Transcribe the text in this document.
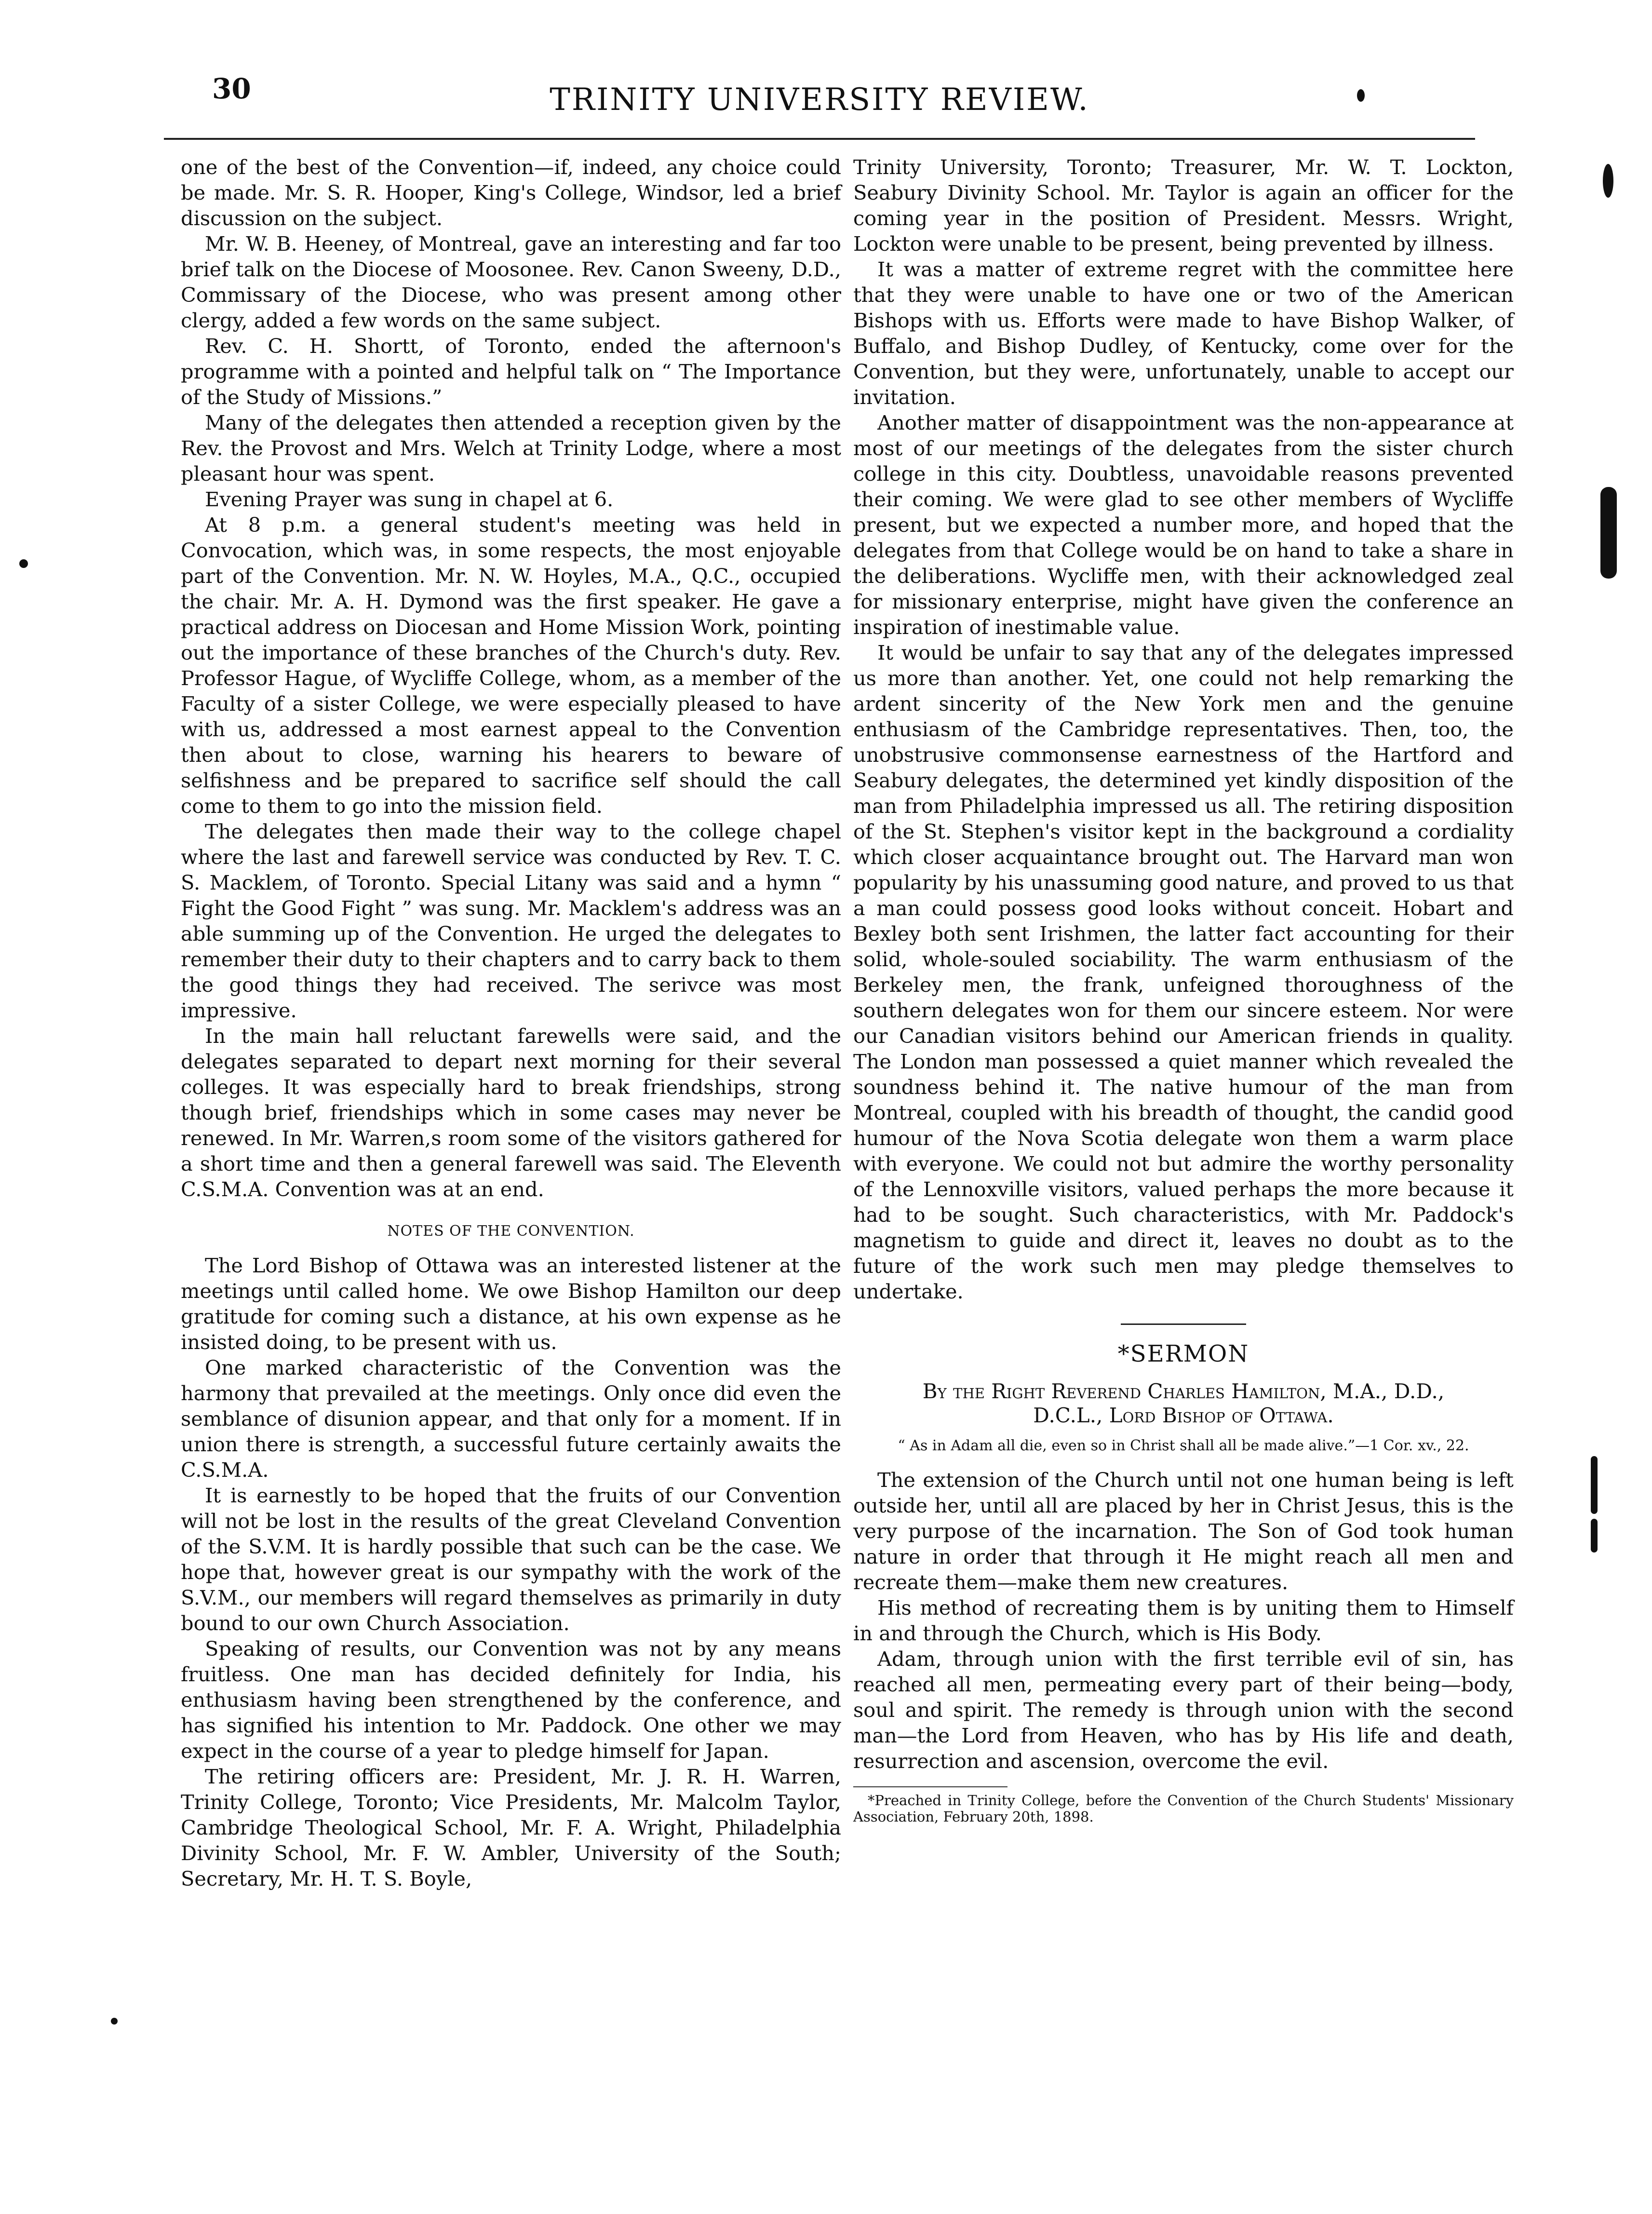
30	TRINITY UNIVERSITY REVIEW.

one of the best of the Convention—if, indeed, any choice could be made. Mr. S. R. Hooper, King's College, Windsor, led a brief discussion on the subject.

Mr. W. B. Heeney, of Montreal, gave an interesting and far too brief talk on the Diocese of Moosonee. Rev. Canon Sweeny, D.D., Commissary of the Diocese, who was present among other clergy, added a few words on the same subject.

Rev. C. H. Shortt, of Toronto, ended the afternoon's programme with a pointed and helpful talk on “ The Importance of the Study of Missions.”

Many of the delegates then attended a reception given by the Rev. the Provost and Mrs. Welch at Trinity Lodge, where a most pleasant hour was spent.

Evening Prayer was sung in chapel at 6.

At 8 p.m. a general student's meeting was held in Convocation, which was, in some respects, the most enjoyable part of the Convention. Mr. N. W. Hoyles, M.A., Q.C., occupied the chair. Mr. A. H. Dymond was the first speaker. He gave a practical address on Diocesan and Home Mission Work, pointing out the importance of these branches of the Church's duty. Rev. Professor Hague, of Wycliffe College, whom, as a member of the Faculty of a sister College, we were especially pleased to have with us, addressed a most earnest appeal to the Convention then about to close, warning his hearers to beware of selfishness and be prepared to sacrifice self should the call come to them to go into the mission field.

The delegates then made their way to the college chapel where the last and farewell service was conducted by Rev. T. C. S. Macklem, of Toronto. Special Litany was said and a hymn “ Fight the Good Fight ” was sung. Mr. Macklem's address was an able summing up of the Convention. He urged the delegates to remember their duty to their chapters and to carry back to them the good things they had received. The serivce was most impressive.

In the main hall reluctant farewells were said, and the delegates separated to depart next morning for their several colleges. It was especially hard to break friendships, strong though brief, friendships which in some cases may never be renewed. In Mr. Warren,s room some of the visitors gathered for a short time and then a general farewell was said. The Eleventh C.S.M.A. Convention was at an end.

NOTES OF THE CONVENTION.

The Lord Bishop of Ottawa was an interested listener at the meetings until called home. We owe Bishop Hamilton our deep gratitude for coming such a distance, at his own expense as he insisted doing, to be present with us.

One marked characteristic of the Convention was the harmony that prevailed at the meetings. Only once did even the semblance of disunion appear, and that only for a moment. If in union there is strength, a successful future certainly awaits the C.S.M.A.

It is earnestly to be hoped that the fruits of our Convention will not be lost in the results of the great Cleveland Convention of the S.V.M. It is hardly possible that such can be the case. We hope that, however great is our sympathy with the work of the S.V.M., our members will regard themselves as primarily in duty bound to our own Church Association.

Speaking of results, our Convention was not by any means fruitless. One man has decided definitely for India, his enthusiasm having been strengthened by the conference, and has signified his intention to Mr. Paddock. One other we may expect in the course of a year to pledge himself for Japan.

The retiring officers are: President, Mr. J. R. H. Warren, Trinity College, Toronto; Vice Presidents, Mr. Malcolm Taylor, Cambridge Theological School, Mr. F. A. Wright, Philadelphia Divinity School, Mr. F. W. Ambler, University of the South; Secretary, Mr. H. T. S. Boyle,

Trinity University, Toronto; Treasurer, Mr. W. T. Lockton, Seabury Divinity School. Mr. Taylor is again an officer for the coming year in the position of President. Messrs. Wright, Lockton were unable to be present, being prevented by illness.

It was a matter of extreme regret with the committee here that they were unable to have one or two of the American Bishops with us. Efforts were made to have Bishop Walker, of Buffalo, and Bishop Dudley, of Kentucky, come over for the Convention, but they were, unfortunately, unable to accept our invitation.

Another matter of disappointment was the non-appearance at most of our meetings of the delegates from the sister church college in this city. Doubtless, unavoidable reasons prevented their coming. We were glad to see other members of Wycliffe present, but we expected a number more, and hoped that the delegates from that College would be on hand to take a share in the deliberations. Wycliffe men, with their acknowledged zeal for missionary enterprise, might have given the conference an inspiration of inestimable value.

It would be unfair to say that any of the delegates impressed us more than another. Yet, one could not help remarking the ardent sincerity of the New York men and the genuine enthusiasm of the Cambridge representatives. Then, too, the unobstrusive commonsense earnestness of the Hartford and Seabury delegates, the determined yet kindly disposition of the man from Philadelphia impressed us all. The retiring disposition of the St. Stephen's visitor kept in the background a cordiality which closer acquaintance brought out. The Harvard man won popularity by his unassuming good nature, and proved to us that a man could possess good looks without conceit. Hobart and Bexley both sent Irishmen, the latter fact accounting for their solid, whole-souled sociability. The warm enthusiasm of the Berkeley men, the frank, unfeigned thoroughness of the southern delegates won for them our sincere esteem. Nor were our Canadian visitors behind our American friends in quality. The London man possessed a quiet manner which revealed the soundness behind it. The native humour of the man from Montreal, coupled with his breadth of thought, the candid good humour of the Nova Scotia delegate won them a warm place with everyone. We could not but admire the worthy personality of the Lennoxville visitors, valued perhaps the more because it had to be sought. Such characteristics, with Mr. Paddock's magnetism to guide and direct it, leaves no doubt as to the future of the work such men may pledge themselves to undertake.

*SERMON
By the Right Reverend Charles Hamilton, M.A., D.D.,
D.C.L., Lord Bishop of Ottawa.
“ As in Adam all die, even so in Christ shall all be made alive.”—1 Cor. xv., 22.

The extension of the Church until not one human being is left outside her, until all are placed by her in Christ Jesus, this is the very purpose of the incarnation. The Son of God took human nature in order that through it He might reach all men and recreate them—make them new creatures.

His method of recreating them is by uniting them to Himself in and through the Church, which is His Body.

Adam, through union with the first terrible evil of sin, has reached all men, permeating every part of their being—body, soul and spirit. The remedy is through union with the second man—the Lord from Heaven, who has by His life and death, resurrection and ascension, overcome the evil.

*Preached in Trinity College, before the Convention of the Church Students' Missionary Association, February 20th, 1898.
